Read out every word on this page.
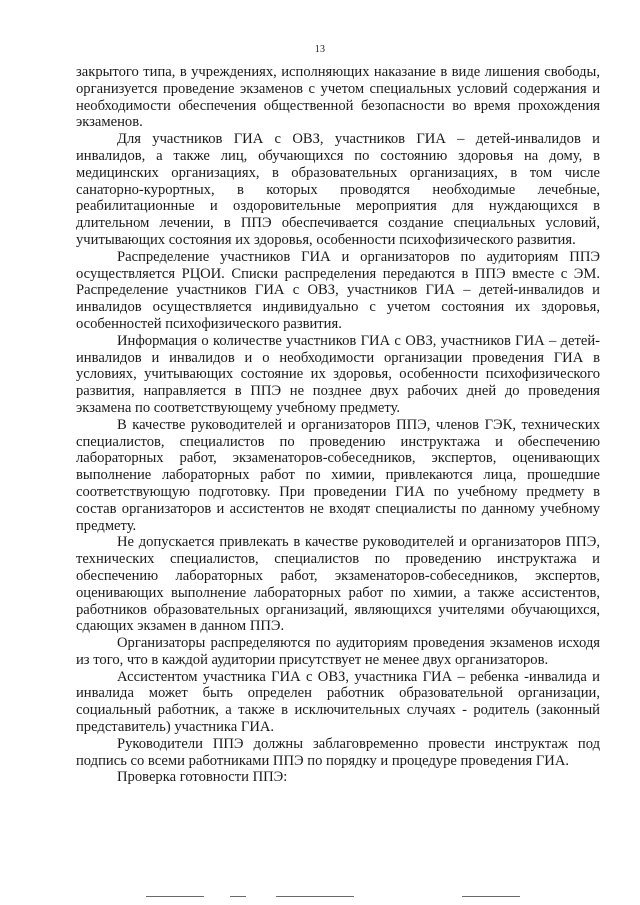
13

закрытого типа, в учреждениях, исполняющих наказание в виде лишения свободы, организуется проведение экзаменов с учетом специальных условий содержания и необходимости обеспечения общественной безопасности во время прохождения экзаменов.

Для участников ГИА с ОВЗ, участников ГИА – детей-инвалидов и инвалидов, а также лиц, обучающихся по состоянию здоровья на дому, в медицинских организациях, в образовательных организациях, в том числе санаторно-курортных, в которых проводятся необходимые лечебные, реабилитационные и оздоровительные мероприятия для нуждающихся в длительном лечении, в ППЭ обеспечивается создание специальных условий, учитывающих состояния их здоровья, особенности психофизического развития.

Распределение участников ГИА и организаторов по аудиториям ППЭ осуществляется РЦОИ. Списки распределения передаются в ППЭ вместе с ЭМ. Распределение участников ГИА с ОВЗ, участников ГИА – детей-инвалидов и инвалидов осуществляется индивидуально с учетом состояния их здоровья, особенностей психофизического развития.

Информация о количестве участников ГИА с ОВЗ, участников ГИА – детей-инвалидов и инвалидов и о необходимости организации проведения ГИА в условиях, учитывающих состояние их здоровья, особенности психофизического развития, направляется в ППЭ не позднее двух рабочих дней до проведения экзамена по соответствующему учебному предмету.

В качестве руководителей и организаторов ППЭ, членов ГЭК, технических специалистов, специалистов по проведению инструктажа и обеспечению лабораторных работ, экзаменаторов-собеседников, экспертов, оценивающих выполнение лабораторных работ по химии, привлекаются лица, прошедшие соответствующую подготовку. При проведении ГИА по учебному предмету в состав организаторов и ассистентов не входят специалисты по данному учебному предмету.

Не допускается привлекать в качестве руководителей и организаторов ППЭ, технических специалистов, специалистов по проведению инструктажа и обеспечению лабораторных работ, экзаменаторов-собеседников, экспертов, оценивающих выполнение лабораторных работ по химии, а также ассистентов, работников образовательных организаций, являющихся учителями обучающихся, сдающих экзамен в данном ППЭ.

Организаторы распределяются по аудиториям проведения экзаменов исходя из того, что в каждой аудитории присутствует не менее двух организаторов.

Ассистентом участника ГИА с ОВЗ, участника ГИА – ребенка -инвалида и инвалида может быть определен работник образовательной организации, социальный работник, а также в исключительных случаях - родитель (законный представитель) участника ГИА.

Руководители ППЭ должны заблаговременно провести инструктаж под подпись со всеми работниками ППЭ по порядку и процедуре проведения ГИА.

Проверка готовности ППЭ:
